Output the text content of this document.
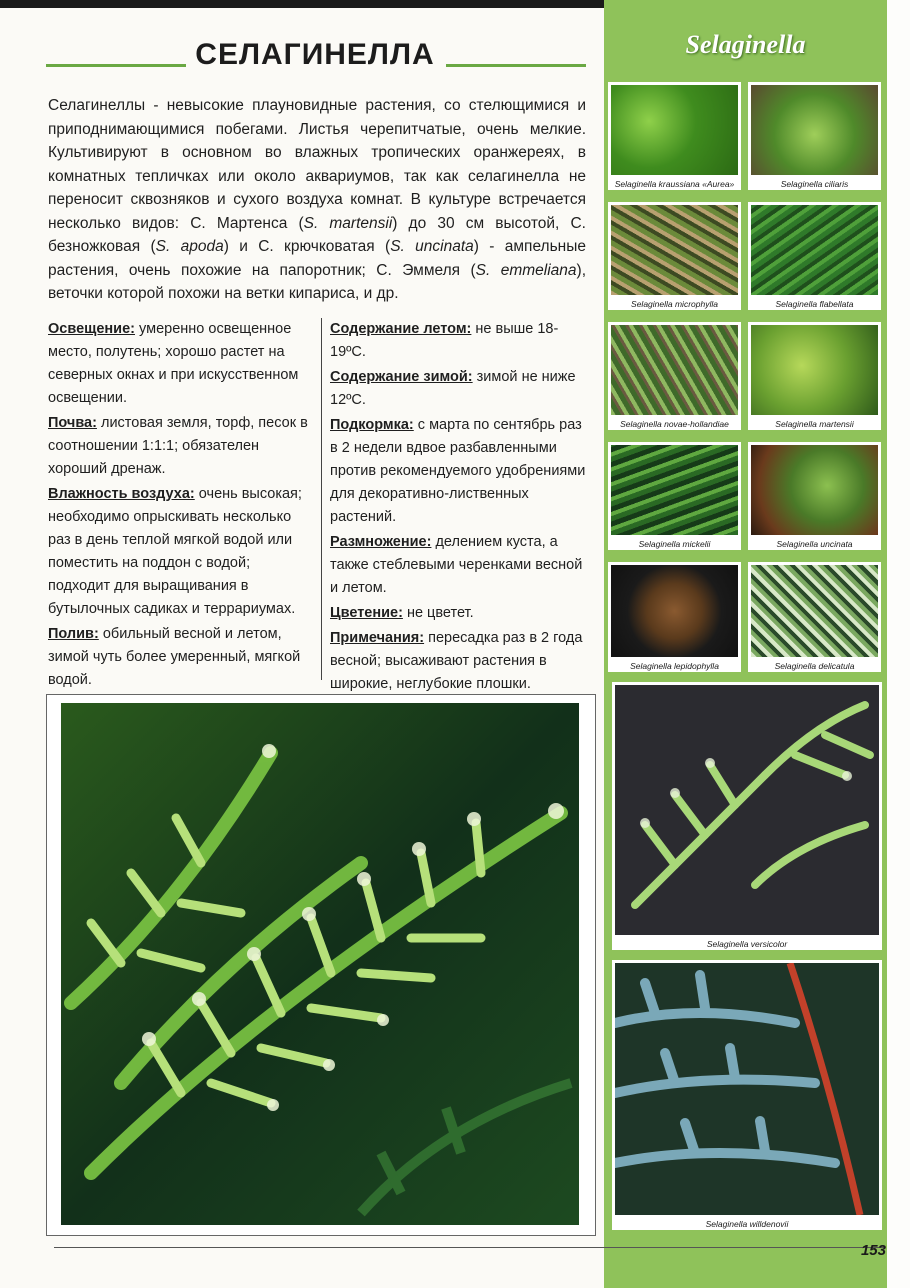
СЕЛАГИНЕЛЛА
Селагинеллы - невысокие плауновидные растения, со стелющимися и приподнимающимися побегами. Листья черепитчатые, очень мелкие. Культивируют в основном во влажных тропических оранжереях, в комнатных тепличках или около аквариумов, так как селагинелла не переносит сквозняков и сухого воздуха комнат. В культуре встречается несколько видов: С. Мартенса (S. martensii) до 30 см высотой, С. безножковая (S. apoda) и С. крючковатая (S. uncinata) - ампельные растения, очень похожие на папоротник; С. Эммеля (S. emmeliana), веточки которой похожи на ветки кипариса, и др.

Освещение: умеренно освещенное место, полутень; хорошо растет на северных окнах и при искусственном освещении.

Почва: листовая земля, торф, песок в соотношении 1:1:1; обязателен хороший дренаж.

Влажность воздуха: очень высокая; необходимо опрыскивать несколько раз в день теплой мягкой водой или поместить на поддон с водой; подходит для выращивания в бутылочных садиках и террариумах.

Полив: обильный весной и летом, зимой чуть более умеренный, мягкой водой.

Содержание летом: не выше 18-19ºC.

Содержание зимой: зимой не ниже 12ºC.

Подкормка: с марта по сентябрь раз в 2 недели вдвое разбавленными против рекомендуемого удобрениями для декоративно-лиственных растений.

Размножение: делением куста, а также стеблевыми черенками весной и летом.

Цветение: не цветет.

Примечания: пересадка раз в 2 года весной; высаживают растения в широкие, неглубокие плошки.

Selaginella
Selaginella kraussiana «Aurea»	Selaginella ciliaris
Selaginella microphylla	Selaginella flabellata
Selaginella novae-hollandiae	Selaginella martensii
Selaginella mickelii	Selaginella uncinata
Selaginella lepidophylla	Selaginella delicatula
Selaginella versicolor
Selaginella willdenovii
153
